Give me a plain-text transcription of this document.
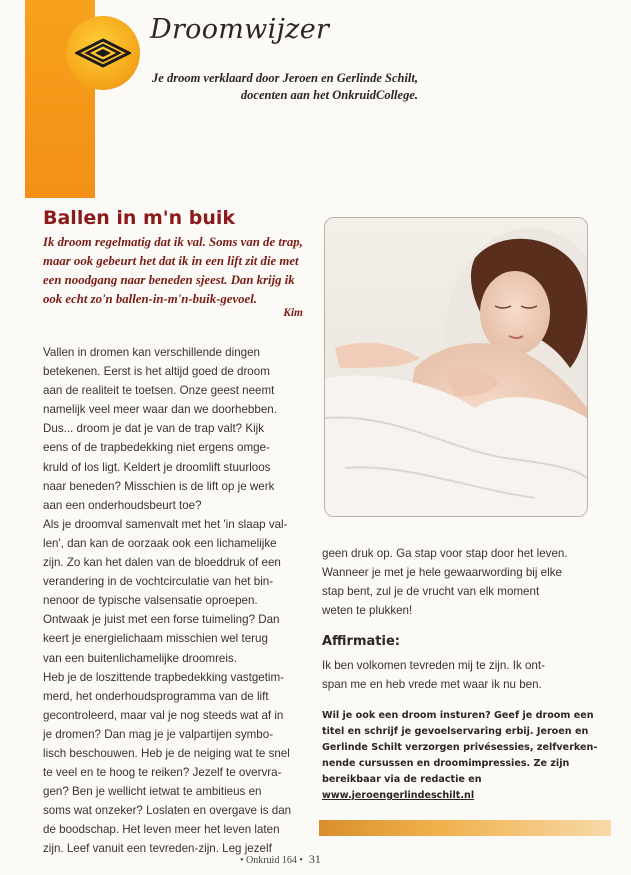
Droomwijzer
Je droom verklaard door Jeroen en Gerlinde Schilt,
docenten aan het OnkruidCollege.
Ballen in m'n buik
Ik droom regelmatig dat ik val. Soms van de trap, maar ook gebeurt het dat ik in een lift zit die met een noodgang naar beneden sjeest. Dan krijg ik ook echt zo'n ballen-in-m'n-buik-gevoel.
Kim

Vallen in dromen kan verschillende dingen

betekenen. Eerst is het altijd goed de droom

aan de realiteit te toetsen. Onze geest neemt

namelijk veel meer waar dan we doorhebben.

Dus... droom je dat je van de trap valt? Kijk

eens of de trapbedekking niet ergens omge-

kruld of los ligt. Keldert je droomlift stuurloos

naar beneden? Misschien is de lift op je werk

aan een onderhoudsbeurt toe?

Als je droomval samenvalt met het 'in slaap val-

len', dan kan de oorzaak ook een lichamelijke

zijn. Zo kan het dalen van de bloeddruk of een

verandering in de vochtcirculatie van het bin-

nenoor de typische valsensatie oproepen.

Ontwaak je juist met een forse tuimeling? Dan

keert je energielichaam misschien wel terug

van een buitenlichamelijke droomreis.

Heb je de loszittende trapbedekking vastgetim-

merd, het onderhoudsprogramma van de lift

gecontroleerd, maar val je nog steeds wat af in

je dromen? Dan mag je je valpartijen symbo-

lisch beschouwen. Heb je de neiging wat te snel

te veel en te hoog te reiken? Jezelf te overvra-

gen? Ben je wellicht ietwat te ambitieus en

soms wat onzeker? Loslaten en overgave is dan

de boodschap. Het leven meer het leven laten

zijn. Leef vanuit een tevreden-zijn. Leg jezelf

geen druk op. Ga stap voor stap door het leven.

Wanneer je met je hele gewaarwording bij elke

stap bent, zul je de vrucht van elk moment

weten te plukken!

Affirmatie:
Ik ben volkomen tevreden mij te zijn. Ik ont-
span me en heb vrede met waar ik nu ben.
Wil je ook een droom insturen? Geef je droom een
titel en schrijf je gevoelservaring erbij. Jeroen en
Gerlinde Schilt verzorgen privésessies, zelfverken-
nende cursussen en droomimpressies. Ze zijn
bereikbaar via de redactie en
www.jeroengerlindeschilt.nl
• Onkruid 164 • 31
